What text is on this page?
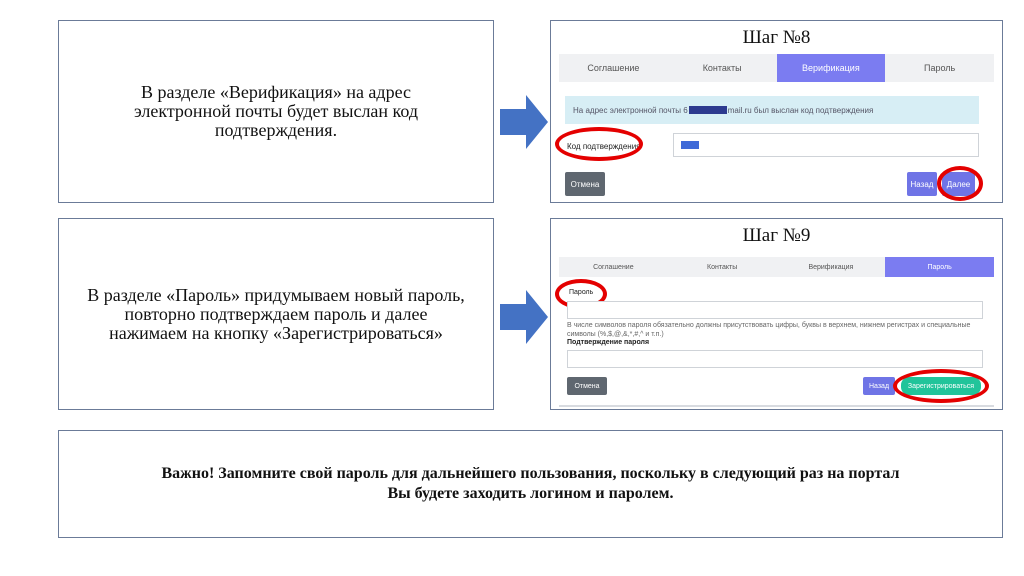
В разделе «Верификация» на адрес электронной почты будет выслан код подтверждения.
Шаг №8
Соглашение	Контакты	Верификация	Пароль
На адрес электронной почты 6	mail.ru был выслан код подтверждения
Код подтверждения
Отмена	Назад	Далее
В разделе «Пароль» придумываем новый пароль, повторно подтверждаем пароль и далее нажимаем на кнопку «Зарегистрироваться»
Шаг №9
Соглашение	Контакты	Верификация	Пароль
Пароль
В числе символов пароля обязательно должны присутствовать цифры, буквы в верхнем, нижнем регистрах и специальные символы (%,$,@,&,*,#,^ и т.п.)
Подтверждение пароля
Отмена	Назад	Зарегистрироваться
Важно! Запомните свой пароль для дальнейшего пользования, поскольку в следующий раз на портал Вы будете заходить логином и паролем.
